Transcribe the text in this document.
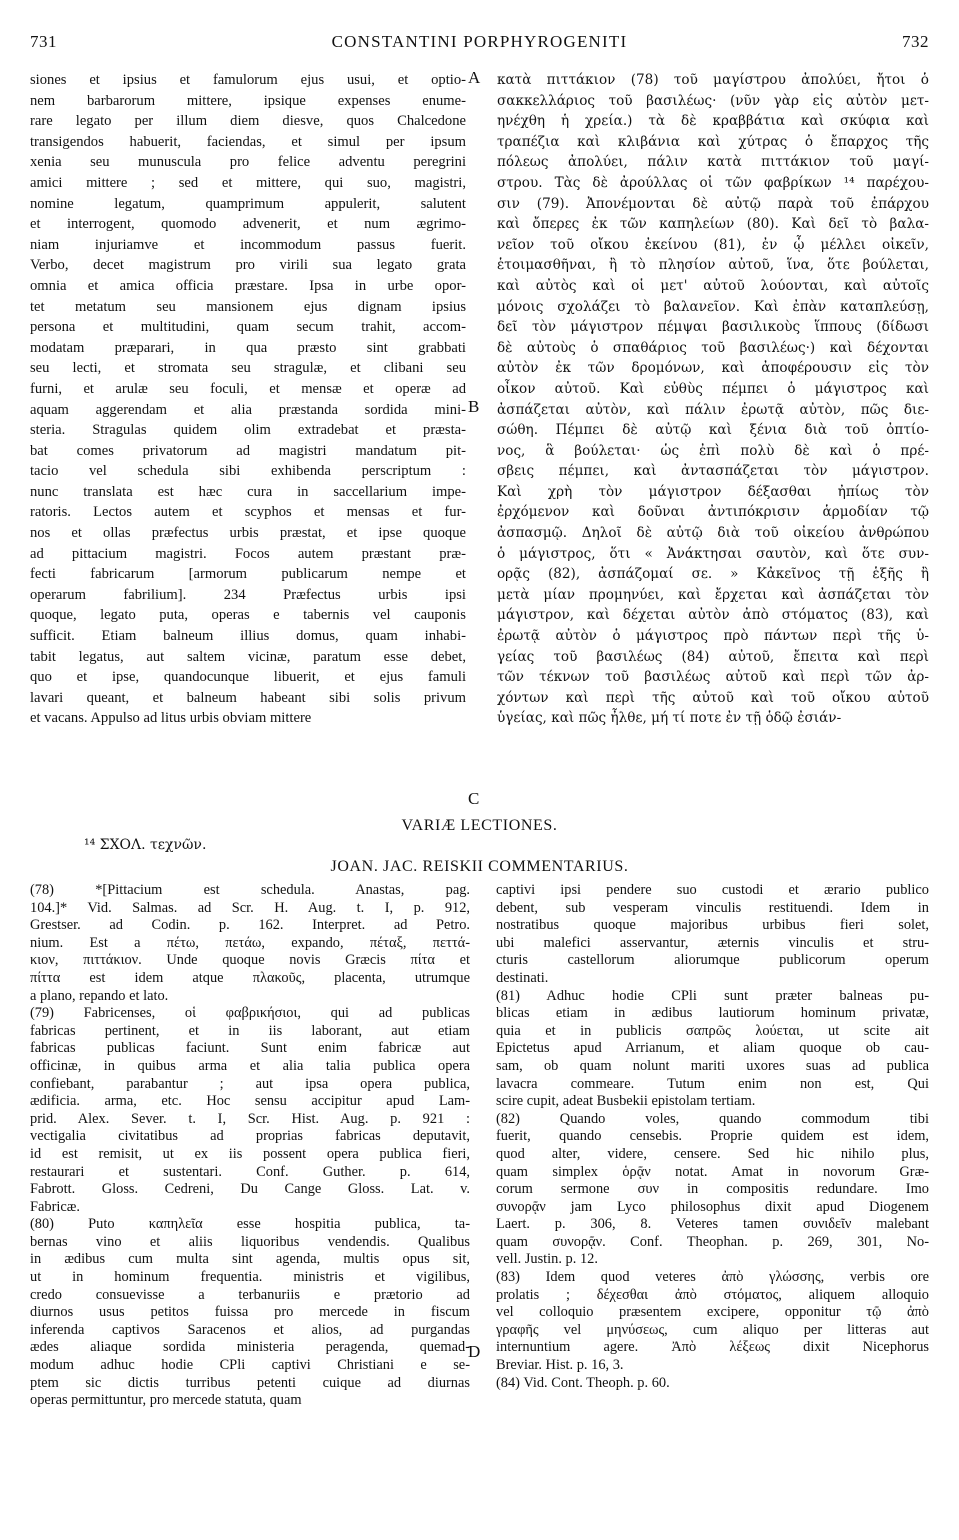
731	CONSTANTINI PORPHYROGENITI	732
siones et ipsius et famulorum ejus usui, et optio-
nem barbarorum mittere, ipsique expenses enume-
rare legato per illum diem diesve, quos Chalcedone
transigendos habuerit, faciendas, et simul per ipsum
xenia seu munuscula pro felice adventu peregrini
amici mittere ; sed et mittere, qui suo, magistri,
nomine legatum, quamprimum appulerit, salutent
et interrogent, quomodo advenerit, et num ægrimo-
niam injuriamve et incommodum passus fuerit.
Verbo, decet magistrum pro virili sua legato grata
omnia et amica officia præstare. Ipsa in urbe opor-
tet metatum seu mansionem ejus dignam ipsius
persona et multitudini, quam secum trahit, accom-
modatam præparari, in qua præsto sint grabbati
seu lecti, et stromata seu stragulæ, et clibani seu
furni, et arulæ seu foculi, et mensæ et operæ ad
aquam aggerendam et alia præstanda sordida mini-
steria. Stragulas quidem olim extradebat et præsta-
bat comes privatorum ad magistri mandatum pit-
tacio vel schedula sibi exhibenda perscriptum :
nunc translata est hæc cura in saccellarium impe-
ratoris. Lectos autem et scyphos et mensas et fur-
nos et ollas præfectus urbis præstat, et ipse quoque
ad pittacium magistri. Focos autem præstant præ-
fecti fabricarum [armorum publicarum nempe et
operarum fabrilium]. 234 Præfectus urbis ipsi
quoque, legato puta, operas e tabernis vel cauponis
sufficit. Etiam balneum illius domus, quam inhabi-
tabit legatus, aut saltem vicinæ, paratum esse debet,
quo et ipse, quandocunque libuerit, et ejus famuli
lavari queant, et balneum habeant sibi solis privum
et vacans. Appulso ad litus urbis obviam mittere
κατὰ πιττάκιον (78) τοῦ μαγίστρου ἀπολύει, ἤτοι ὁ
σακκελλάριος τοῦ βασιλέως· (νῦν γὰρ εἰς αὐτὸν μετ-
ηνέχθη ἡ χρεία.) τὰ δὲ κραββάτια καὶ σκύφια καὶ
τραπέζια καὶ κλιβάνια καὶ χύτρας ὁ ἔπαρχος τῆς
πόλεως ἀπολύει, πάλιν κατὰ πιττάκιον τοῦ μαγί-
στρου. Τὰς δὲ ἀρούλλας οἱ τῶν φαβρίκων ¹⁴ παρέχου-
σιν (79). Ἀπονέμονται δὲ αὐτῷ παρὰ τοῦ ἐπάρχου
καὶ ὄπερες ἐκ τῶν καπηλείων (80). Καὶ δεῖ τὸ βαλα-
νεῖον τοῦ οἴκου ἐκείνου (81), ἐν ᾧ μέλλει οἰκεῖν,
ἑτοιμασθῆναι, ἢ τὸ πλησίον αὐτοῦ, ἵνα, ὅτε βούλεται,
καὶ αὐτὸς καὶ οἱ μετ' αὐτοῦ λούονται, καὶ αὐτοῖς
μόνοις σχολάζει τὸ βαλανεῖον. Καὶ ἐπὰν καταπλεύσῃ,
δεῖ τὸν μάγιστρον πέμψαι βασιλικοὺς ἵππους (δίδωσι
δὲ αὐτοὺς ὁ σπαθάριος τοῦ βασιλέως·) καὶ δέχονται
αὐτὸν ἐκ τῶν δρομόνων, καὶ ἀποφέρουσιν εἰς τὸν
οἶκον αὐτοῦ. Καὶ εὐθὺς πέμπει ὁ μάγιστρος καὶ
ἀσπάζεται αὐτὸν, καὶ πάλιν ἐρωτᾷ αὐτὸν, πῶς διε-
σώθη. Πέμπει δὲ αὐτῷ καὶ ξένια διὰ τοῦ ὀπτίο-
νος, ἃ βούλεται· ὡς ἐπὶ πολὺ δὲ καὶ ὁ πρέ-
σβεις πέμπει, καὶ ἀντασπάζεται τὸν μάγιστρον.
Καὶ χρὴ τὸν μάγιστρον δέξασθαι ἠπίως τὸν
ἐρχόμενον καὶ δοῦναι ἀντιπόκρισιν ἁρμοδίαν τῷ
ἀσπασμῷ. Δηλοῖ δὲ αὐτῷ διὰ τοῦ οἰκείου ἀνθρώπου
ὁ μάγιστρος, ὅτι « Ἀνάκτησαι σαυτὸν, καὶ ὅτε συν-
ορᾷς (82), ἀσπάζομαί σε. » Κἀκεῖνος τῇ ἑξῆς ἢ
μετὰ μίαν προμηνύει, καὶ ἔρχεται καὶ ἀσπάζεται τὸν
μάγιστρον, καὶ δέχεται αὐτὸν ἀπὸ στόματος (83), καὶ
ἐρωτᾷ αὐτὸν ὁ μάγιστρος πρὸ πάντων περὶ τῆς ὑ-
γείας τοῦ βασιλέως (84) αὐτοῦ, ἔπειτα καὶ περὶ
τῶν τέκνων τοῦ βασιλέως αὐτοῦ καὶ περὶ τῶν ἀρ-
χόντων καὶ περὶ τῆς αὐτοῦ καὶ τοῦ οἴκου αὐτοῦ
ὑγείας, καὶ πῶς ἦλθε, μή τί ποτε ἐν τῇ ὁδῷ ἐσιάν-
A
B
C
D
VARIÆ LECTIONES.
¹⁴ ΣΧΟΛ. τεχνῶν.
JOAN. JAC. REISKII COMMENTARIUS.
(78) *[Pittacium est schedula. Anastas, pag.
104.]* Vid. Salmas. ad Scr. H. Aug. t. I, p. 912,
Grestser. ad Codin. p. 162. Interpret. ad Petro.
nium. Est a πέτω, πετάω, expando, πέταξ, πεττά-
κιον, πιττάκιον. Unde quoque novis Græcis πίτα et
πίττα est idem atque πλακοῦς, placenta, utrumque
a plano, repando et lato.
(79) Fabricenses, οἱ φαβρικήσιοι, qui ad publicas
fabricas pertinent, et in iis laborant, aut etiam
fabricas publicas faciunt. Sunt enim fabricæ aut
officinæ, in quibus arma et alia talia publica opera
confiebant, parabantur ; aut ipsa opera publica,
ædificia. arma, etc. Hoc sensu accipitur apud Lam-
prid. Alex. Sever. t. I, Scr. Hist. Aug. p. 921 :
vectigalia civitatibus ad proprias fabricas deputavit,
id est remisit, ut ex iis possent opera publica fieri,
restaurari et sustentari. Conf. Guther. p. 614,
Fabrott. Gloss. Cedreni, Du Cange Gloss. Lat. v.
Fabricæ.
(80) Puto καπηλεῖα esse hospitia publica, ta-
bernas vino et aliis liquoribus vendendis. Qualibus
in ædibus cum multa sint agenda, multis opus sit,
ut in hominum frequentia. ministris et vigilibus,
credo consuevisse a terbanuriis e prætorio ad
diurnos usus petitos fuissa pro mercede in fiscum
inferenda captivos Saracenos et alios, ad purgandas
ædes aliaque sordida ministeria peragenda, quemad-
modum adhuc hodie CPli captivi Christiani e se-
ptem sic dictis turribus petenti cuique ad diurnas
operas permittuntur, pro mercede statuta, quam
captivi ipsi pendere suo custodi et ærario publico
debent, sub vesperam vinculis restituendi. Idem in
nostratibus quoque majoribus urbibus fieri solet,
ubi malefici asservantur, æternis vinculis et stru-
cturis castellorum aliorumque publicorum operum
destinati.
(81) Adhuc hodie CPli sunt præter balneas pu-
blicas etiam in ædibus lautiorum hominum privatæ,
quia et in publicis σαπρῶς λούεται, ut scite ait
Epictetus apud Arrianum, et aliam quoque ob cau-
sam, ob quam nolunt mariti uxores suas ad publica
lavacra commeare. Tutum enim non est, Qui
scire cupit, adeat Busbekii epistolam tertiam.
(82) Quando voles, quando commodum tibi
fuerit, quando censebis. Proprie quidem est idem,
quod alter, videre, censere. Sed hic nihilo plus,
quam simplex ὁρᾷν notat. Amat in novorum Græ-
corum sermone συν in compositis redundare. Imo
συνορᾷν jam Lyco philosophus dixit apud Diogenem
Laert. p. 306, 8. Veteres tamen συνιδεῖν malebant
quam συνορᾷν. Conf. Theophan. p. 269, 301, No-
vell. Justin. p. 12.
(83) Idem quod veteres ἀπὸ γλώσσης, verbis ore
prolatis ; δέχεσθαι ἀπὸ στόματος, aliquem alloquio
vel colloquio præsentem excipere, opponitur τῷ ἀπὸ
γραφῆς vel μηνύσεως, cum aliquo per litteras aut
internuntium agere. Ἀπὸ λέξεως dixit Nicephorus
Breviar. Hist. p. 16, 3.
(84) Vid. Cont. Theoph. p. 60.
